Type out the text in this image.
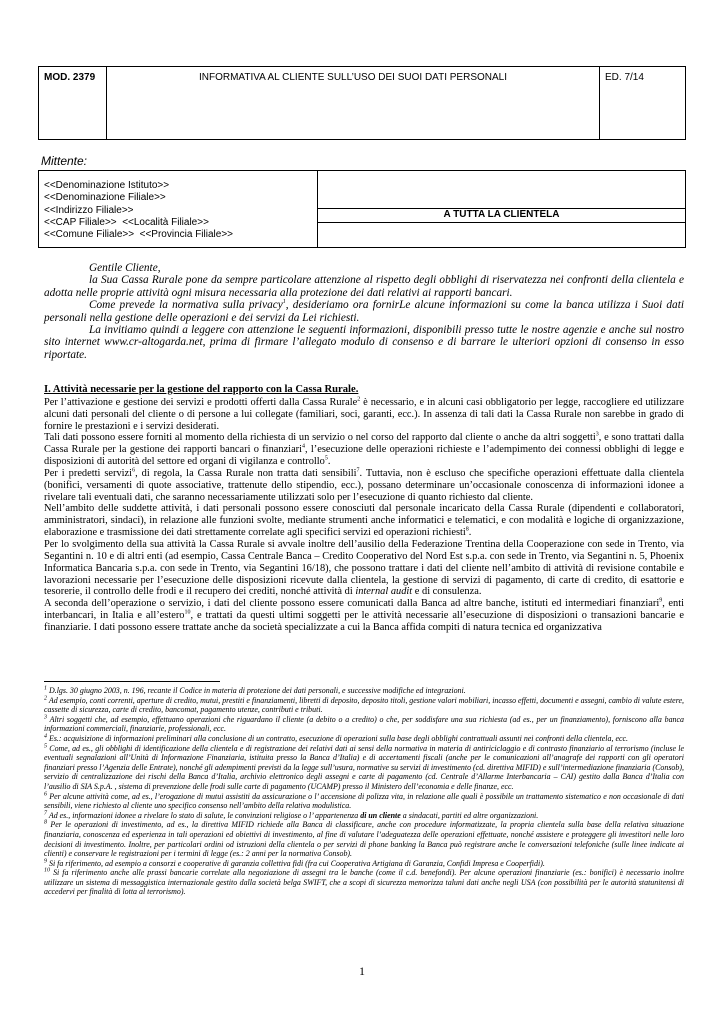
MOD. 2379	INFORMATIVA AL CLIENTE SULL’USO DEI SUOI DATI PERSONALI	ED. 7/14
Mittente:
<<Denominazione Istituto>>
<<Denominazione Filiale>>
<<Indirizzo Filiale>>
<<CAP Filiale>>  <<Località Filiale>>
<<Comune Filiale>>  <<Provincia Filiale>>
A TUTTA LA CLIENTELA

Gentile Cliente,

la Sua Cassa Rurale pone da sempre particolare attenzione al rispetto degli obblighi di riservatezza nei confronti della clientela e adotta nelle proprie attività ogni misura necessaria alla protezione dei dati relativi ai rapporti bancari.

Come prevede la normativa sulla privacy$^1$, desideriamo ora fornirLe alcune informazioni su come la banca utilizza i Suoi dati personali nella gestione delle operazioni e dei servizi da Lei richiesti.

La invitiamo quindi a leggere con attenzione le seguenti informazioni, disponibili presso tutte le nostre agenzie e anche sul nostro sito internet www.cr-altogarda.net, prima di firmare l’allegato modulo di consenso e di barrare le ulteriori opzioni di consenso in esso riportate.

I. Attività necessarie per la gestione del rapporto con la Cassa Rurale.

Per l’attivazione e gestione dei servizi e prodotti offerti dalla Cassa Rurale$^2$ è necessario, e in alcuni casi obbligatorio per legge, raccogliere ed utilizzare alcuni dati personali del cliente o di persone a lui collegate (familiari, soci, garanti, ecc.). In assenza di tali dati la Cassa Rurale non sarebbe in grado di fornire le prestazioni e i servizi desiderati.

Tali dati possono essere forniti al momento della richiesta di un servizio o nel corso del rapporto dal cliente o anche da altri soggetti$^3$, e sono trattati dalla Cassa Rurale per la gestione dei rapporti bancari o finanziari$^4$, l’esecuzione delle operazioni richieste e l’adempimento dei connessi obblighi di legge e disposizioni di autorità del settore ed organi di vigilanza e controllo$^5$.

Per i predetti servizi$^6$, di regola, la Cassa Rurale non tratta dati sensibili$^7$. Tuttavia, non è escluso che specifiche operazioni effettuate dalla clientela (bonifici, versamenti di quote associative, trattenute dello stipendio, ecc.), possano determinare un’occasionale conoscenza di informazioni idonee a rivelare tali eventuali dati, che saranno necessariamente utilizzati solo per l’esecuzione di quanto richiesto dal cliente.

Nell’ambito delle suddette attività, i dati personali possono essere conosciuti dal personale incaricato della Cassa Rurale (dipendenti e collaboratori, amministratori, sindaci), in relazione alle funzioni svolte, mediante strumenti anche informatici e telematici, e con modalità e logiche di organizzazione, elaborazione e trasmissione dei dati strettamente correlate agli specifici servizi ed operazioni richiesti$^8$.

Per lo svolgimento della sua attività la Cassa Rurale si avvale inoltre dell’ausilio della Federazione Trentina della Cooperazione con sede in Trento, via Segantini n. 10 e di altri enti (ad esempio, Cassa Centrale Banca – Credito Cooperativo del Nord Est s.p.a. con sede in Trento, via Segantini n. 5, Phoenix Informatica Bancaria s.p.a. con sede in Trento, via Segantini 16/18), che possono trattare i dati del cliente nell’ambito di attività di revisione contabile e lavorazioni necessarie per l’esecuzione delle disposizioni ricevute dalla clientela, la gestione di servizi di pagamento, di carte di credito, di esattorie e tesorerie, il controllo delle frodi e il recupero dei crediti, nonché attività di internal audit e di consulenza.

A seconda dell’operazione o servizio, i dati del cliente possono essere comunicati dalla Banca ad altre banche, istituti ed intermediari finanziari$^9$, enti interbancari, in Italia e all’estero$^{10}$, e trattati da questi ultimi soggetti per le attività necessarie all’esecuzione di disposizioni o transazioni bancarie e finanziarie. I dati possono essere trattate anche da società specializzate a cui la Banca affida compiti di natura tecnica ed organizzativa

$^1$ D.lgs. 30 giugno 2003, n. 196, recante il Codice in materia di protezione dei dati personali, e successive modifiche ed integrazioni.

$^2$ Ad esempio, conti correnti, aperture di credito, mutui, prestiti e finanziamenti, libretti di deposito, deposito titoli, gestione valori mobiliari, incasso effetti, documenti e assegni, cambio di valute estere, cassette di sicurezza, carte di credito, bancomat, pagamento utenze, contributi e tributi.

$^3$ Altri soggetti che, ad esempio, effettuano operazioni che riguardano il cliente (a debito o a credito) o che, per soddisfare una sua richiesta (ad es., per un finanziamento), forniscono alla banca informazioni commerciali, finanziarie, professionali, ecc.

$^4$ Es.: acquisizione di informazioni preliminari alla conclusione di un contratto, esecuzione di operazioni sulla base degli obblighi contrattuali assunti nei confronti della clientela, ecc.

$^5$ Come, ad es., gli obblighi di identificazione della clientela e di registrazione dei relativi dati ai sensi della normativa in materia di antiriciclaggio e di contrasto finanziario al terrorismo (incluse le eventuali segnalazioni all’Unità di Informazione Finanziaria, istituita presso la Banca d’Italia) e di accertamenti fiscali (anche per le comunicazioni all’anagrafe dei rapporti con gli operatori finanziari presso l’Agenzia delle Entrate), nonché gli adempimenti previsti da la legge sull’usura, normative su servizi di investimento (cd. direttiva MIFID) e sull’intermediazione finanziaria (Consob), servizio di centralizzazione dei rischi della Banca d’Italia, archivio elettronico degli assegni e carte di pagamento (cd. Centrale d’Allarme Interbancaria – CAI) gestito dalla Banca d’Italia con l’ausilio di SIA S.p.A. , sistema di prevenzione delle frodi sulle carte di pagamento (UCAMP) presso il Ministero dell’economia e delle finanze, ecc.

$^6$ Per alcune attività come, ad es., l’erogazione di mutui assistiti da assicurazione o l’ accensione di polizza vita, in relazione alle quali è possibile un trattamento sistematico e non occasionale di dati sensibili, viene richiesto al cliente uno specifico consenso nell’ambito della relativa modulistica.

$^7$ Ad es., informazioni idonee a rivelare lo stato di salute, le convinzioni religiose o l’ appartenenza di un cliente a sindacati, partiti ed altre organizzazioni.

$^8$ Per le operazioni di investimento, ad es., la direttiva MIFID richiede alla Banca di classificare, anche con procedure informatizzate, la propria clientela sulla base della relativa situazione finanziaria, conoscenza ed esperienza in tali operazioni ed obiettivi di investimento, al fine di valutare l’adeguatezza delle operazioni effettuate, nonché assistere e proteggere gli investitori nelle loro decisioni di investimento. Inoltre, per particolari ordini od istruzioni della clientela o per servizi di phone banking la Banca può registrare anche le conversazioni telefoniche (sulle linee indicate ai clienti) e conservare le registrazioni per i termini di legge (es.: 2 anni per la normativa Consob).

$^9$ Si fa riferimento, ad esempio a consorzi e cooperative di garanzia collettiva fidi (fra cui Cooperativa Artigiana di Garanzia, Confidi Impresa e Cooperfidi).

$^{10}$ Si fa riferimento anche alle prassi bancarie correlate alla negoziazione di assegni tra le banche (come il c.d. benefondi). Per alcune operazioni finanziarie (es.: bonifici) è necessario inoltre utilizzare un sistema di messaggistica internazionale gestito dalla società belga SWIFT, che a scopi di sicurezza memorizza taluni dati anche negli USA (con possibilità per le autorità statunitensi di accedervi per finalità di lotta al terrorismo).

1
